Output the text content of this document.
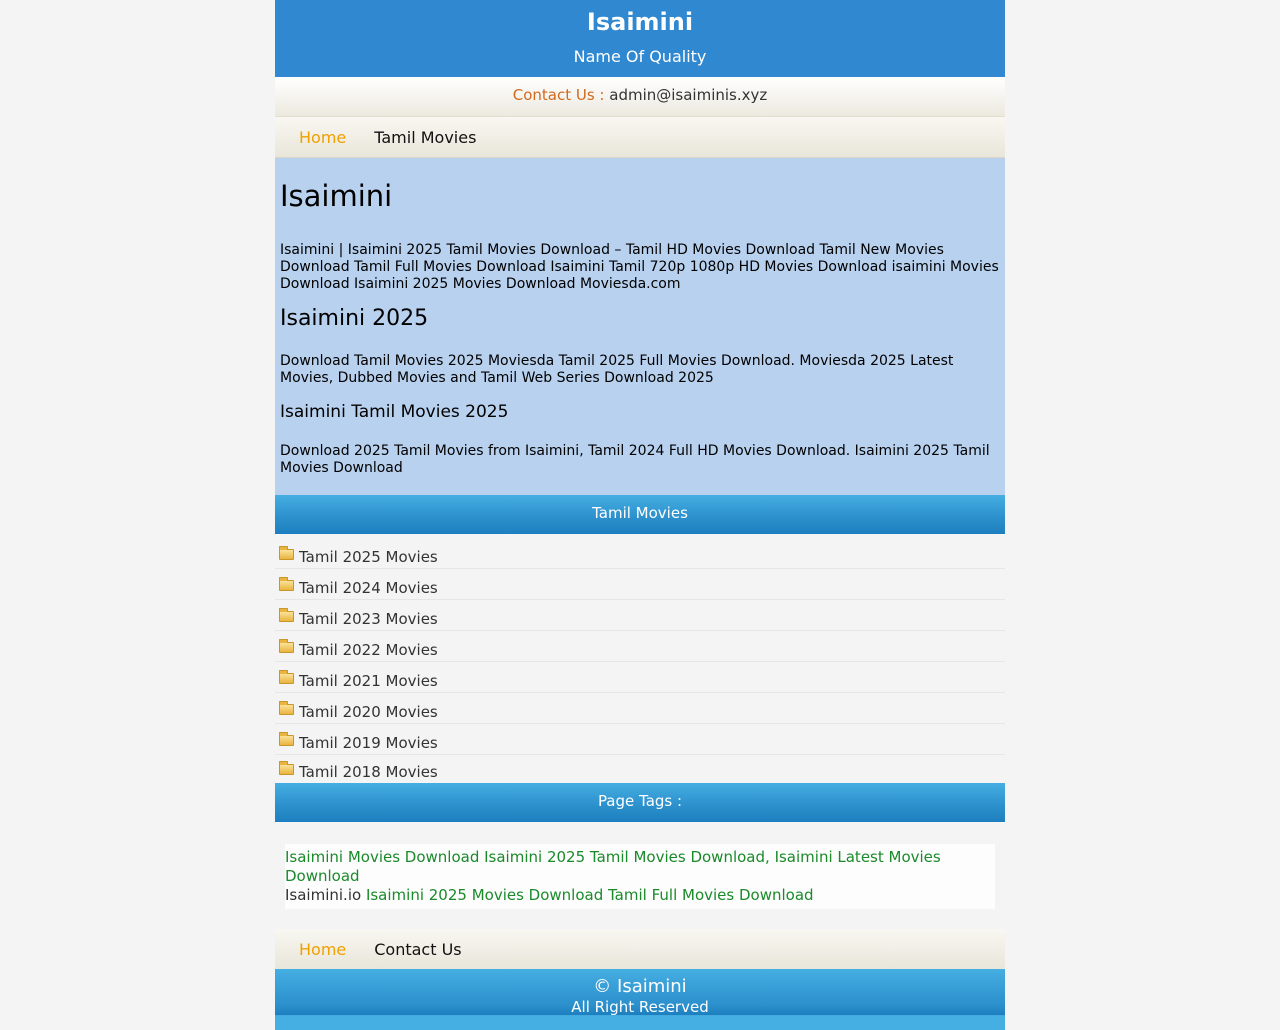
Isaimini
Name Of Quality
Contact Us : admin@isaiminis.xyz
Home Tamil Movies
Isaimini

Isaimini | Isaimini 2025 Tamil Movies Download – Tamil HD Movies Download Tamil New Movies Download Tamil Full Movies Download Isaimini Tamil 720p 1080p HD Movies Download isaimini Movies Download Isaimini 2025 Movies Download Moviesda.com

Isaimini 2025

Download Tamil Movies 2025 Moviesda Tamil 2025 Full Movies Download. Moviesda 2025 Latest Movies, Dubbed Movies and Tamil Web Series Download 2025

Isaimini Tamil Movies 2025

Download 2025 Tamil Movies from Isaimini, Tamil 2024 Full HD Movies Download. Isaimini 2025 Tamil Movies Download

Tamil Movies
Tamil 2025 Movies
Tamil 2024 Movies
Tamil 2023 Movies
Tamil 2022 Movies
Tamil 2021 Movies
Tamil 2020 Movies
Tamil 2019 Movies
Tamil 2018 Movies
Page Tags :
Isaimini Movies Download Isaimini 2025 Tamil Movies Download, Isaimini Latest Movies Download
Isaimini.io Isaimini 2025 Movies Download Tamil Full Movies Download
Home Contact Us
© Isaimini
All Right Reserved
